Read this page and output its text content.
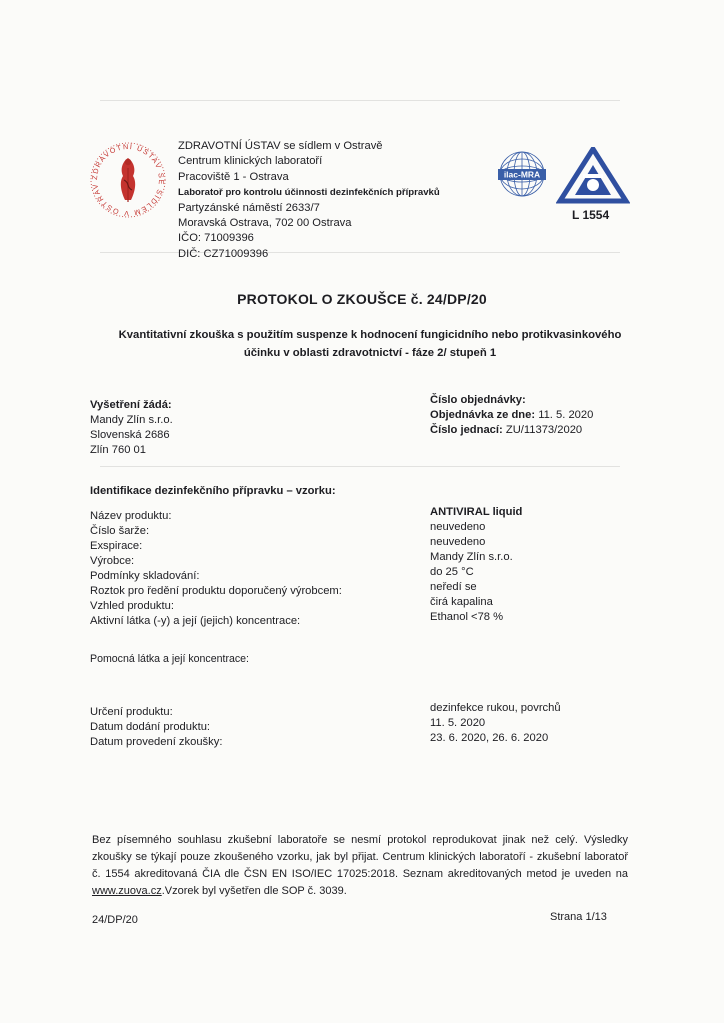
ZDRAVOTNÍ ÚSTAV SE SÍDLEM V OSTRAV
ZDRAVOTNÍ ÚSTAV se sídlem v Ostravě
Centrum klinických laboratoří
Pracoviště 1 - Ostrava
Laboratoř pro kontrolu účinnosti dezinfekčních přípravků
Partyzánské náměstí 2633/7
Moravská Ostrava, 702 00 Ostrava
IČO: 71009396
DIČ: CZ71009396
ilac-MRA
L 1554
PROTOKOL O ZKOUŠCE č. 24/DP/20
Kvantitativní zkouška s použitím suspenze k hodnocení fungicidního nebo protikvasinkového účinku v oblasti zdravotnictví - fáze 2/ stupeň 1
Vyšetření žádá:
Mandy Zlín s.r.o.
Slovenská 2686
Zlín 760 01
Číslo objednávky:
Objednávka ze dne: 11. 5. 2020
Číslo jednací: ZU/11373/2020
Identifikace dezinfekčního přípravku – vzorku:
Název produktu:
Číslo šarže:
Exspirace:
Výrobce:
Podmínky skladování:
Roztok pro ředění produktu doporučený výrobcem:
Vzhled produktu:
Aktivní látka (-y) a její (jejich) koncentrace:
ANTIVIRAL liquid
neuvedeno
neuvedeno
Mandy Zlín s.r.o.
do 25 °C
neředí se
čirá kapalina
Ethanol <78 %
Pomocná látka a její koncentrace:
Určení produktu:
Datum dodání produktu:
Datum provedení zkoušky:
dezinfekce rukou, povrchů
11. 5. 2020
23. 6. 2020, 26. 6. 2020
Bez písemného souhlasu zkušební laboratoře se nesmí protokol reprodukovat jinak než celý. Výsledky zkoušky se týkají pouze zkoušeného vzorku, jak byl přijat. Centrum klinických laboratoří - zkušební laboratoř č. 1554 akreditovaná ČIA dle ČSN EN ISO/IEC 17025:2018. Seznam akreditovaných metod je uveden na www.zuova.cz.Vzorek byl vyšetřen dle SOP č. 3039.
24/DP/20	Strana 1/13
